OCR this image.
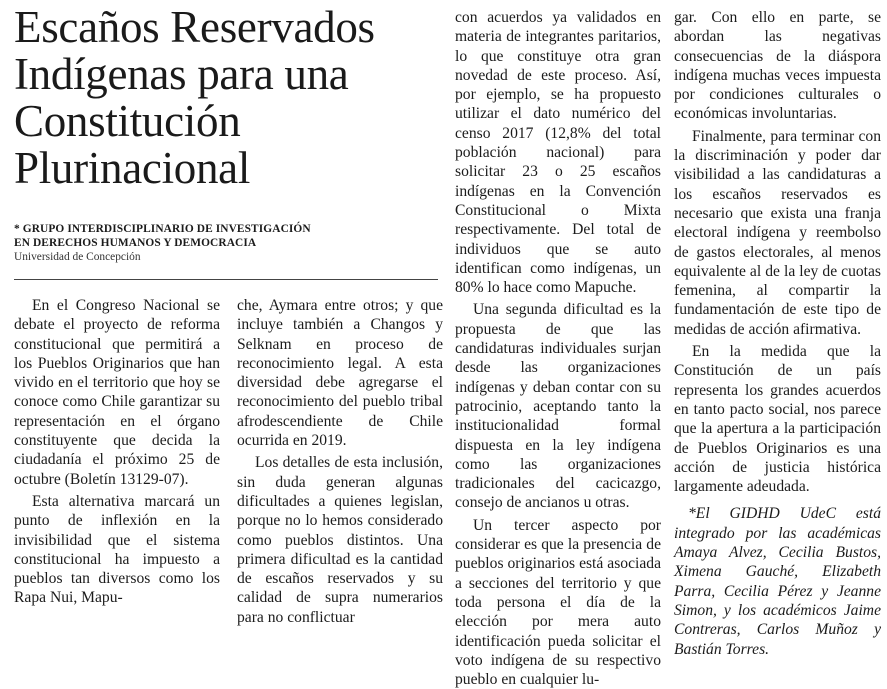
Escaños Reservados
Indígenas para una
Constitución
Plurinacional
* GRUPO INTERDISCIPLINARIO DE INVESTIGACIÓN
EN DERECHOS HUMANOS Y DEMOCRACIA
Universidad de Concepción

En el Congreso Nacional se debate el proyecto de reforma constitucional que permitirá a los Pueblos Originarios que han vivido en el territorio que hoy se conoce como Chile garantizar su representación en el órgano constituyente que decida la ciudadanía el próximo 25 de octubre (Boletín 13129-07).

Esta alternativa marcará un punto de inflexión en la invisibilidad que el sistema constitucional ha impuesto a pueblos tan diversos como los Rapa Nui, Mapu-

che, Aymara entre otros; y que incluye también a Changos y Selknam en proceso de reconocimiento legal. A esta diversidad debe agregarse el reconocimiento del pueblo tribal afrodescendiente de Chile ocurrida en 2019.

Los detalles de esta inclusión, sin duda generan algunas dificultades a quienes legislan, porque no lo hemos considerado como pueblos distintos. Una primera dificultad es la cantidad de escaños reservados y su calidad de supra numerarios para no conflictuar

con acuerdos ya validados en materia de integrantes paritarios, lo que constituye otra gran novedad de este proceso. Así, por ejemplo, se ha propuesto utilizar el dato numérico del censo 2017 (12,8% del total población nacional) para solicitar 23 o 25 escaños indígenas en la Convención Constitucional o Mixta respectivamente. Del total de individuos que se auto identifican como indígenas, un 80% lo hace como Mapuche.

Una segunda dificultad es la propuesta de que las candidaturas individuales surjan desde las organizaciones indígenas y deban contar con su patrocinio, aceptando tanto la institucionalidad formal dispuesta en la ley indígena como las organizaciones tradicionales del cacicazgo, consejo de ancianos u otras.

Un tercer aspecto por considerar es que la presencia de pueblos originarios está asociada a secciones del territorio y que toda persona el día de la elección por mera auto identificación pueda solicitar el voto indígena de su respectivo pueblo en cualquier lu-

gar. Con ello en parte, se abordan las negativas consecuencias de la diáspora indígena muchas veces impuesta por condiciones culturales o económicas involuntarias.

Finalmente, para terminar con la discriminación y poder dar visibilidad a las candidaturas a los escaños reservados es necesario que exista una franja electoral indígena y reembolso de gastos electorales, al menos equivalente al de la ley de cuotas femenina, al compartir la fundamentación de este tipo de medidas de acción afirmativa.

En la medida que la Constitución de un país representa los grandes acuerdos en tanto pacto social, nos parece que la apertura a la participación de Pueblos Originarios es una acción de justicia histórica largamente adeudada.

*El GIDHD UdeC está integrado por las académicas Amaya Alvez, Cecilia Bustos, Ximena Gauché, Elizabeth Parra, Cecilia Pérez y Jeanne Simon, y los académicos Jaime Contreras, Carlos Muñoz y Bastián Torres.
